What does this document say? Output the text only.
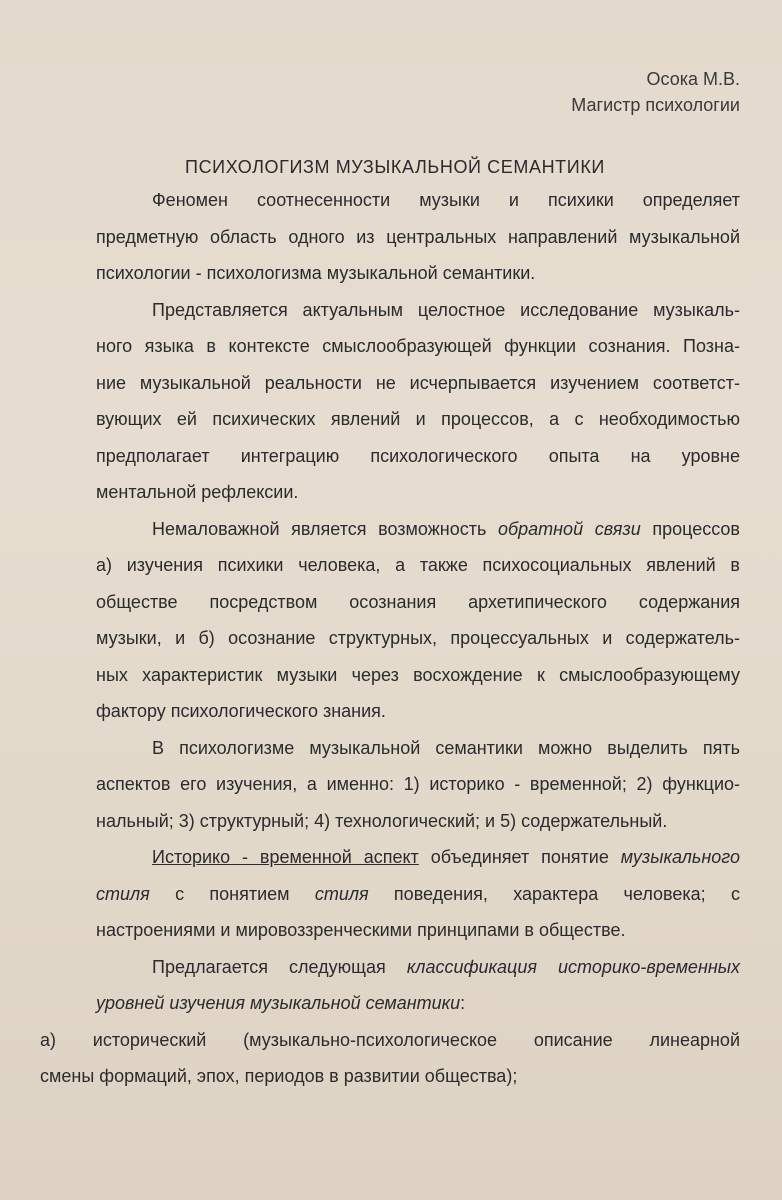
Осока М.В.
Магистр психологии
ПСИХОЛОГИЗМ МУЗЫКАЛЬНОЙ СЕМАНТИКИ
Феномен соотнесенности музыки и психики определяет
предметную область одного из центральных направлений музыкальной
психологии - психологизма музыкальной семантики.
Представляется актуальным целостное исследование музыкаль-
ного языка в контексте смыслообразующей функции сознания. Позна-
ние музыкальной реальности не исчерпывается изучением соответст-
вующих ей психических явлений и процессов, а с необходимостью
предполагает интеграцию психологического опыта на уровне
ментальной рефлексии.
Немаловажной является возможность обратной связи процессов
а) изучения психики человека, а также психосоциальных явлений в
обществе посредством осознания архетипического содержания
музыки, и б) осознание структурных, процессуальных и содержатель-
ных характеристик музыки через восхождение к смыслообразующему
фактору психологического знания.
В психологизме музыкальной семантики можно выделить пять
аспектов его изучения, а именно: 1) историко - временной; 2) функцио-
нальный; 3) структурный; 4) технологический; и 5) содержательный.
Историко - временной аспект объединяет понятие музыкального
стиля с понятием стиля поведения, характера человека; с
настроениями и мировоззренческими принципами в обществе.
Предлагается следующая классификация историко-временных
уровней изучения музыкальной семантики:
а) исторический (музыкально-психологическое описание линеарной
смены формаций, эпох, периодов в развитии общества);
